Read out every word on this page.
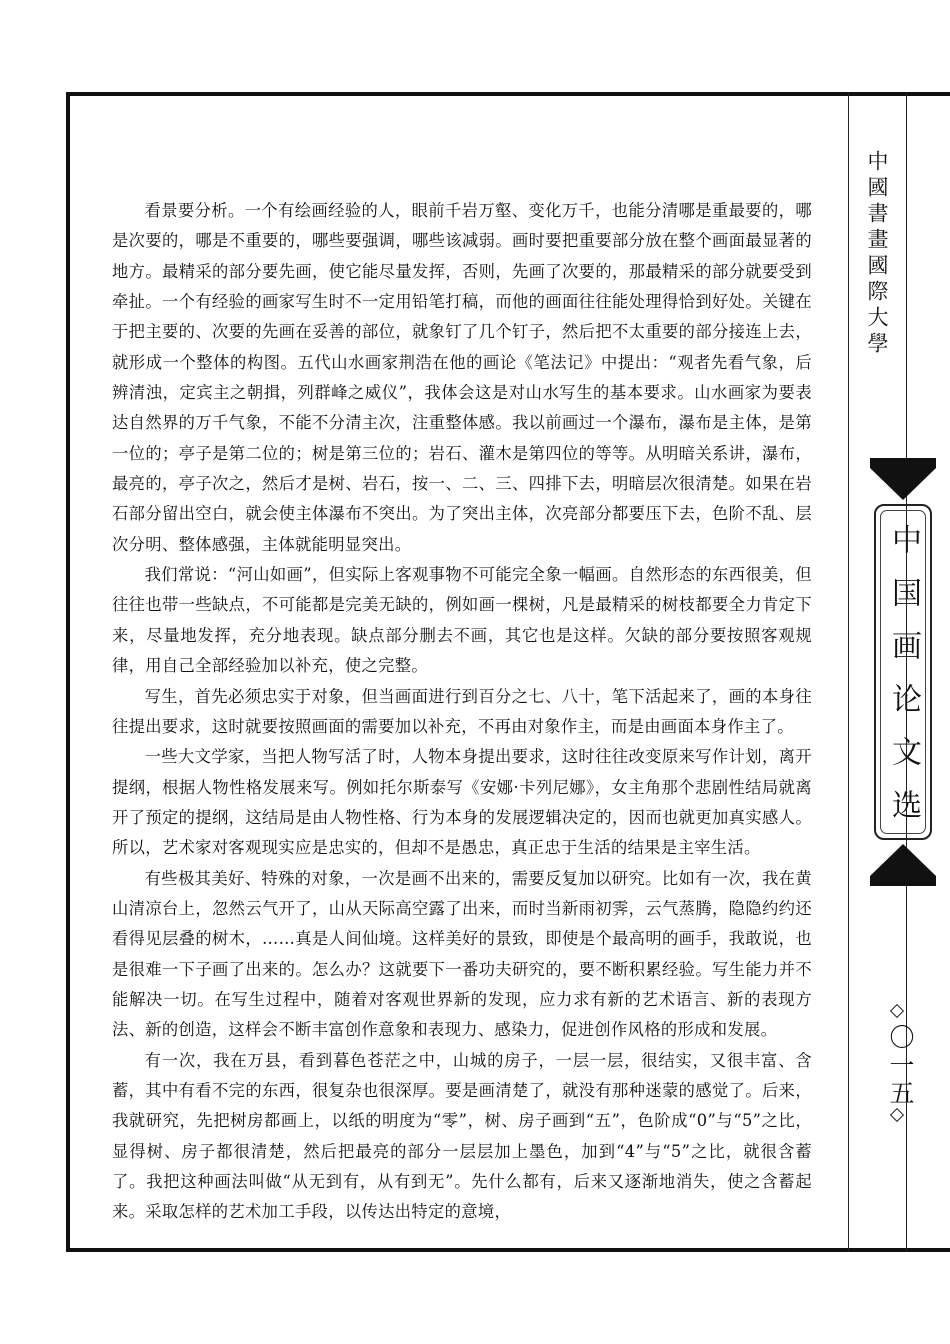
看景要分析。一个有绘画经验的人，眼前千岩万壑、变化万千，也能分清哪是重最要的，哪是次要的，哪是不重要的，哪些要强调，哪些该减弱。画时要把重要部分放在整个画面最显著的地方。最精采的部分要先画，使它能尽量发挥，否则，先画了次要的，那最精采的部分就要受到牵扯。一个有经验的画家写生时不一定用铅笔打稿，而他的画面往往能处理得恰到好处。关键在于把主要的、次要的先画在妥善的部位，就象钉了几个钉子，然后把不太重要的部分接连上去，就形成一个整体的构图。五代山水画家荆浩在他的画论《笔法记》中提出：“观者先看气象，后辨清浊，定宾主之朝揖，列群峰之威仪”，我体会这是对山水写生的基本要求。山水画家为要表达自然界的万千气象，不能不分清主次，注重整体感。我以前画过一个瀑布，瀑布是主体，是第一位的；亭子是第二位的；树是第三位的；岩石、灌木是第四位的等等。从明暗关系讲，瀑布，最亮的，亭子次之，然后才是树、岩石，按一、二、三、四排下去，明暗层次很清楚。如果在岩石部分留出空白，就会使主体瀑布不突出。为了突出主体，次亮部分都要压下去，色阶不乱、层次分明、整体感强，主体就能明显突出。

我们常说：“河山如画”，但实际上客观事物不可能完全象一幅画。自然形态的东西很美，但往往也带一些缺点，不可能都是完美无缺的，例如画一棵树，凡是最精采的树枝都要全力肯定下来，尽量地发挥，充分地表现。缺点部分删去不画，其它也是这样。欠缺的部分要按照客观规律，用自己全部经验加以补充，使之完整。

写生，首先必须忠实于对象，但当画面进行到百分之七、八十，笔下活起来了，画的本身往往提出要求，这时就要按照画面的需要加以补充，不再由对象作主，而是由画面本身作主了。

一些大文学家，当把人物写活了时，人物本身提出要求，这时往往改变原来写作计划，离开提纲，根据人物性格发展来写。例如托尔斯泰写《安娜·卡列尼娜》，女主角那个悲剧性结局就离开了预定的提纲，这结局是由人物性格、行为本身的发展逻辑决定的，因而也就更加真实感人。所以，艺术家对客观现实应是忠实的，但却不是愚忠，真正忠于生活的结果是主宰生活。

有些极其美好、特殊的对象，一次是画不出来的，需要反复加以研究。比如有一次，我在黄山清凉台上，忽然云气开了，山从天际高空露了出来，而时当新雨初霁，云气蒸腾，隐隐约约还看得见层叠的树木，……真是人间仙境。这样美好的景致，即使是个最高明的画手，我敢说，也是很难一下子画了出来的。怎么办？这就要下一番功夫研究的，要不断积累经验。写生能力并不能解决一切。在写生过程中，随着对客观世界新的发现，应力求有新的艺术语言、新的表现方法、新的创造，这样会不断丰富创作意象和表现力、感染力，促进创作风格的形成和发展。

有一次，我在万县，看到暮色苍茫之中，山城的房子，一层一层，很结实，又很丰富、含蓄，其中有看不完的东西，很复杂也很深厚。要是画清楚了，就没有那种迷蒙的感觉了。后来，我就研究，先把树房都画上，以纸的明度为“零”，树、房子画到“五”，色阶成“0”与“5”之比，显得树、房子都很清楚，然后把最亮的部分一层层加上墨色，加到“4”与“5”之比，就很含蓄了。我把这种画法叫做“从无到有，从有到无”。先什么都有，后来又逐渐地消失，使之含蓄起来。采取怎样的艺术加工手段，以传达出特定的意境，

中國書畫國際大學
中国画论文选
〇一五
